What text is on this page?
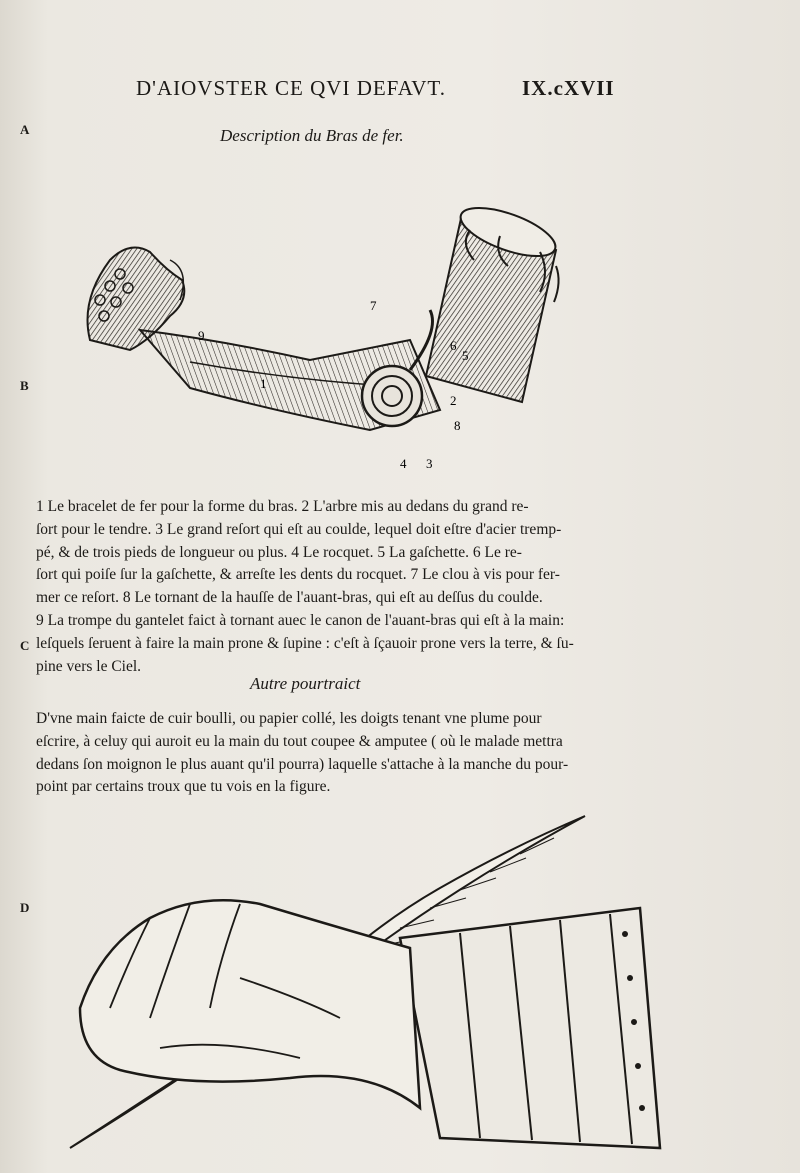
D'AIOVSTER CE QVI DEFAVT.	IX.cXVII
A
B
C
D
Description du Bras de fer.
1
2
3
4
5
6
7
8
9

1 Le bracelet de fer pour la forme du bras. 2 L'arbre mis au dedans du grand re-
ſort pour le tendre. 3 Le grand reſort qui eſt au coulde, lequel doit eſtre d'acier tremp-
pé, & de trois pieds de longueur ou plus. 4 Le rocquet. 5 La gaſchette. 6 Le re-
ſort qui poiſe ſur la gaſchette, & arreſte les dents du rocquet. 7 Le clou à vis pour fer-
mer ce reſort. 8 Le tornant de la hauſſe de l'auant-bras, qui eſt au deſſus du coulde.
9 La trompe du gantelet faict à tornant auec le canon de l'auant-bras qui eſt à la main:
leſquels ſeruent à faire la main prone & ſupine : c'eſt à ſçauoir prone vers la terre, & ſu-
pine vers le Ciel.

Autre pourtraict

D'vne main faicte de cuir boulli, ou papier collé, les doigts tenant vne plume pour
eſcrire, à celuy qui auroit eu la main du tout coupee & amputee ( où le malade mettra
dedans ſon moignon le plus auant qu'il pourra) laquelle s'attache à la manche du pour-
point par certains troux que tu vois en la figure.
